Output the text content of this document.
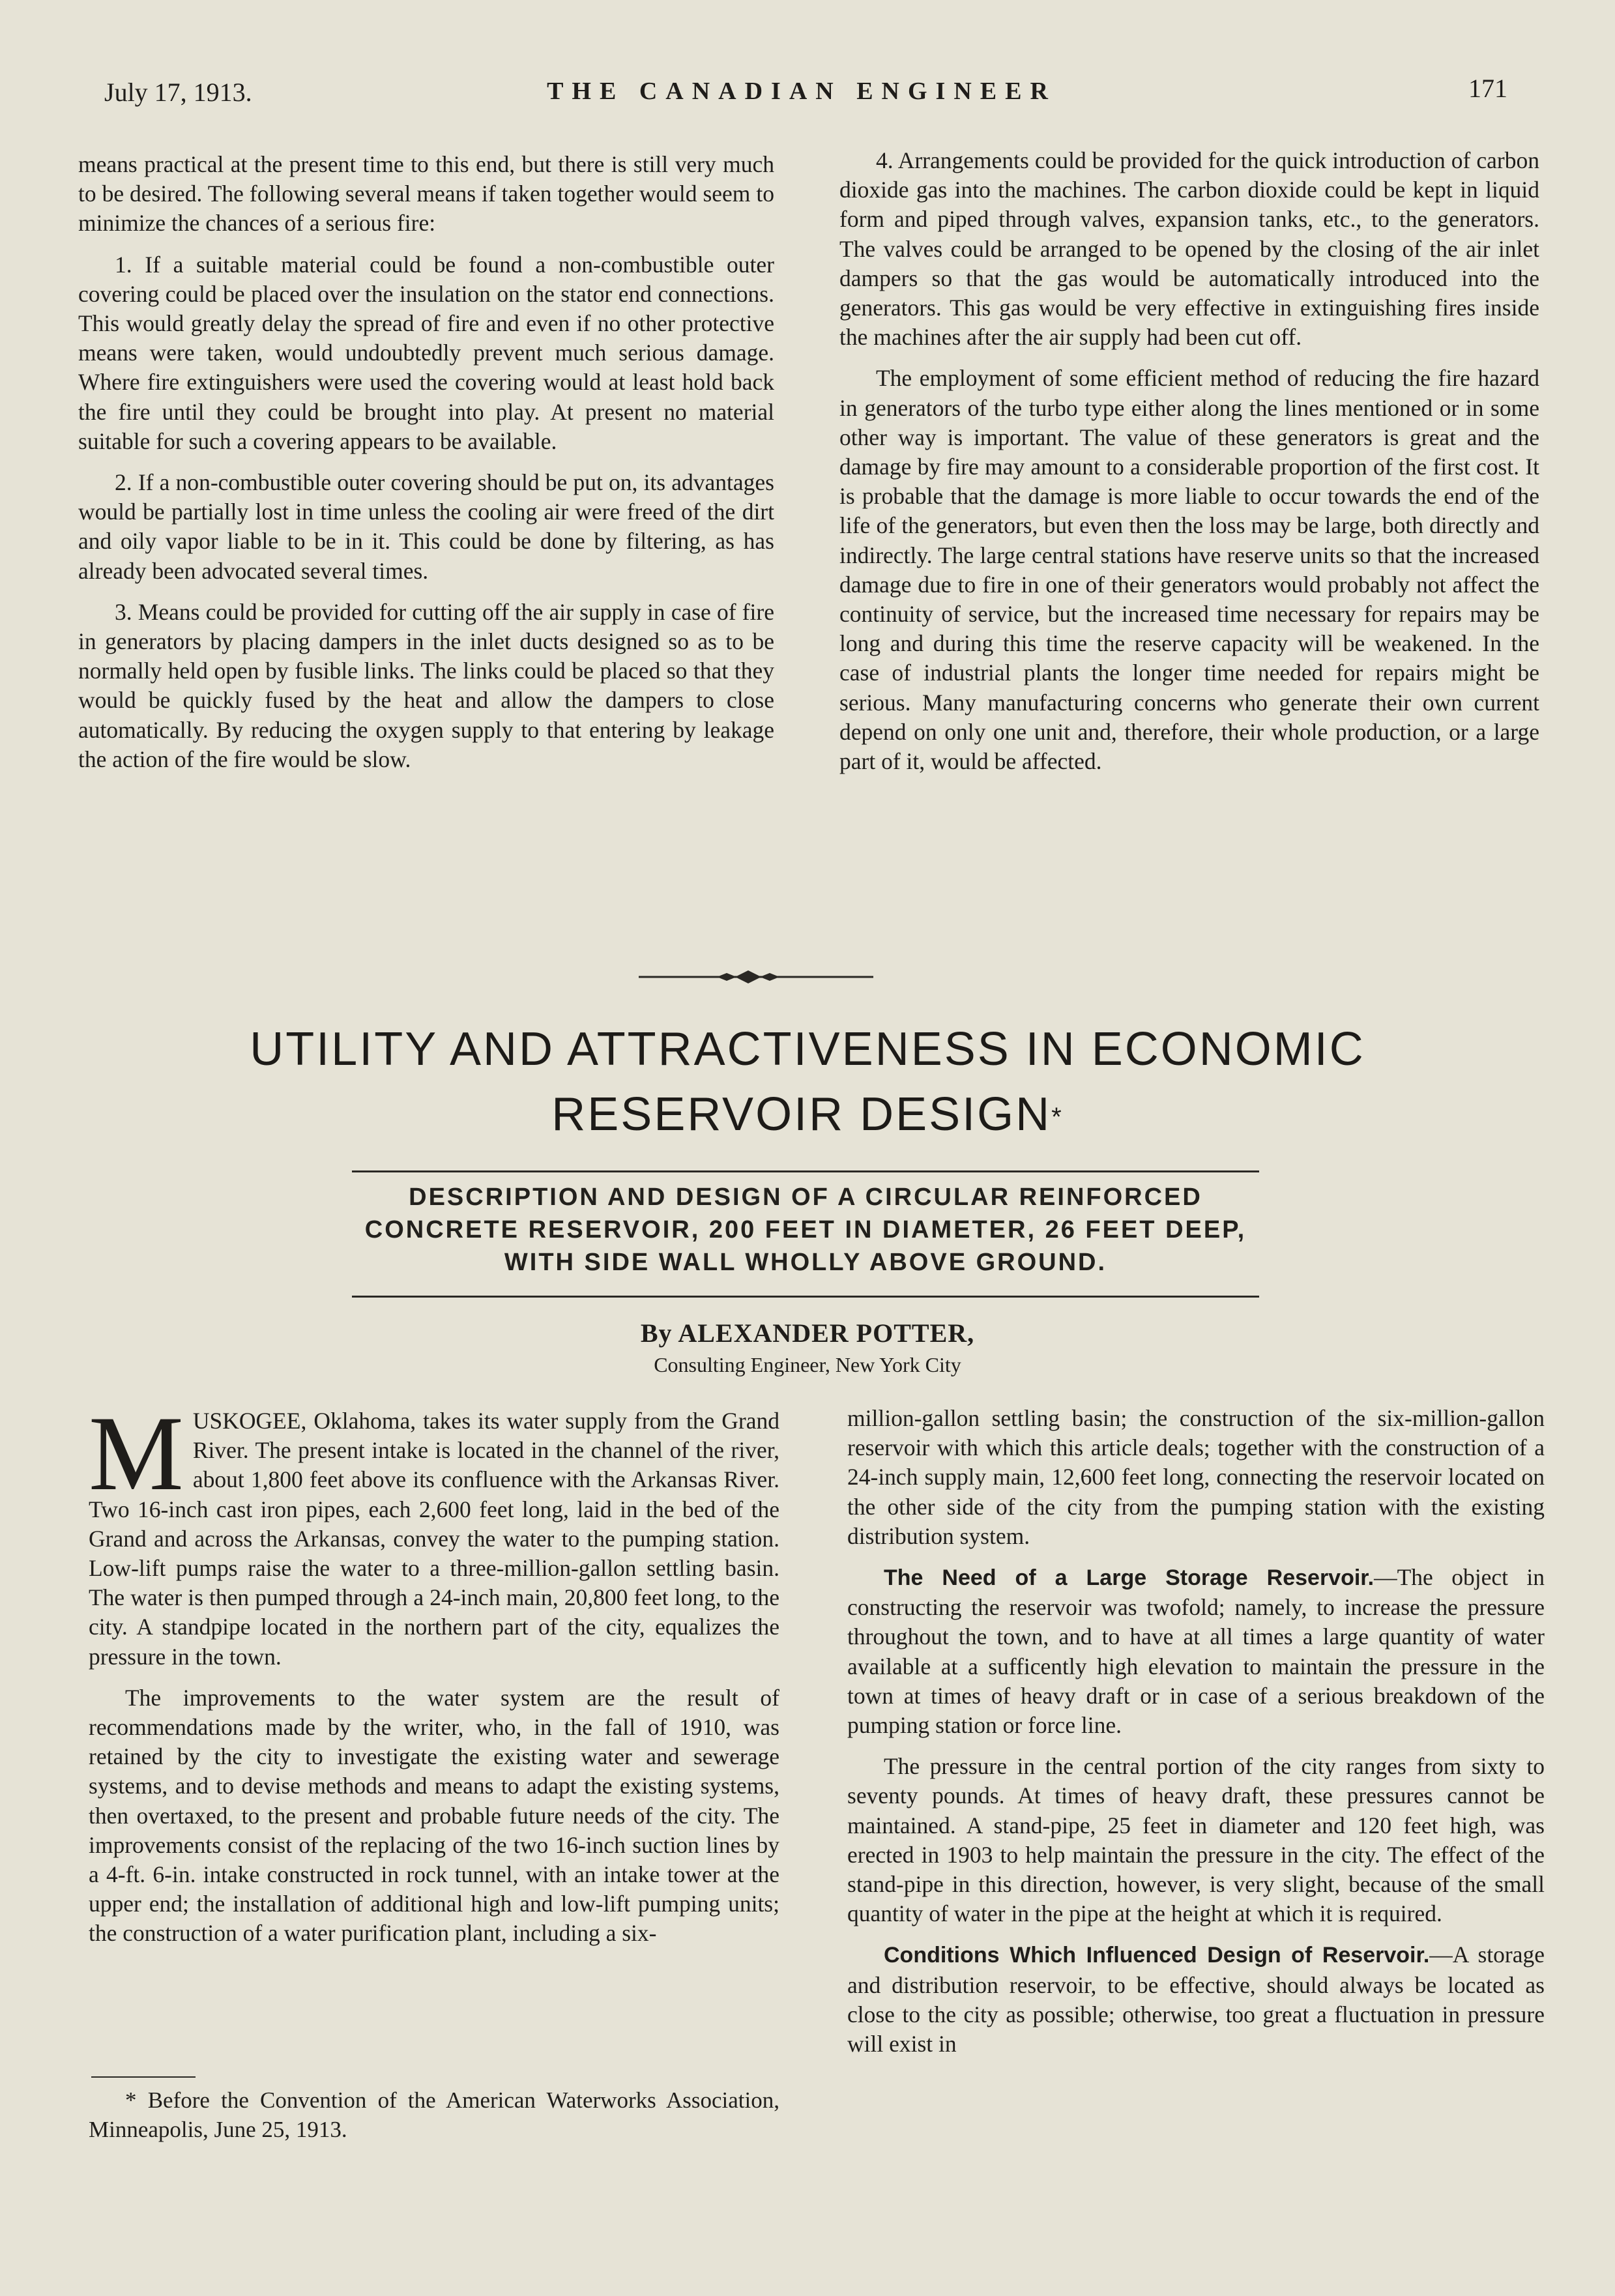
July 17, 1913.	THE CANADIAN ENGINEER	171

means practical at the present time to this end, but there is still very much to be desired. The following several means if taken together would seem to minimize the chances of a serious fire:

1. If a suitable material could be found a non-combustible outer covering could be placed over the insulation on the stator end connections. This would greatly delay the spread of fire and even if no other protective means were taken, would undoubtedly prevent much serious damage. Where fire extinguishers were used the covering would at least hold back the fire until they could be brought into play. At present no material suitable for such a covering appears to be available.

2. If a non-combustible outer covering should be put on, its advantages would be partially lost in time unless the cooling air were freed of the dirt and oily vapor liable to be in it. This could be done by filtering, as has already been advocated several times.

3. Means could be provided for cutting off the air supply in case of fire in generators by placing dampers in the inlet ducts designed so as to be normally held open by fusible links. The links could be placed so that they would be quickly fused by the heat and allow the dampers to close automatically. By reducing the oxygen supply to that entering by leakage the action of the fire would be slow.

4. Arrangements could be provided for the quick introduction of carbon dioxide gas into the machines. The carbon dioxide could be kept in liquid form and piped through valves, expansion tanks, etc., to the generators. The valves could be arranged to be opened by the closing of the air inlet dampers so that the gas would be automatically introduced into the generators. This gas would be very effective in extinguishing fires inside the machines after the air supply had been cut off.

The employment of some efficient method of reducing the fire hazard in generators of the turbo type either along the lines mentioned or in some other way is important. The value of these generators is great and the damage by fire may amount to a considerable proportion of the first cost. It is probable that the damage is more liable to occur towards the end of the life of the generators, but even then the loss may be large, both directly and indirectly. The large central stations have reserve units so that the increased damage due to fire in one of their generators would probably not affect the continuity of service, but the increased time necessary for repairs may be long and during this time the reserve capacity will be weakened. In the case of industrial plants the longer time needed for repairs might be serious. Many manufacturing concerns who generate their own current depend on only one unit and, therefore, their whole production, or a large part of it, would be affected.

UTILITY AND ATTRACTIVENESS IN ECONOMIC
RESERVOIR DESIGN*
DESCRIPTION AND DESIGN OF A CIRCULAR REINFORCED CONCRETE RESERVOIR, 200 FEET IN DIAMETER, 26 FEET DEEP, WITH SIDE WALL WHOLLY ABOVE GROUND.
By ALEXANDER POTTER,
Consulting Engineer, New York City

MUSKOGEE, Oklahoma, takes its water supply from the Grand River. The present intake is located in the channel of the river, about 1,800 feet above its confluence with the Arkansas River. Two 16-inch cast iron pipes, each 2,600 feet long, laid in the bed of the Grand and across the Arkansas, convey the water to the pumping station. Low-lift pumps raise the water to a three-million-gallon settling basin. The water is then pumped through a 24-inch main, 20,800 feet long, to the city. A standpipe located in the northern part of the city, equalizes the pressure in the town.

The improvements to the water system are the result of recommendations made by the writer, who, in the fall of 1910, was retained by the city to investigate the existing water and sewerage systems, and to devise methods and means to adapt the existing systems, then overtaxed, to the present and probable future needs of the city. The improvements consist of the replacing of the two 16-inch suction lines by a 4-ft. 6-in. intake constructed in rock tunnel, with an intake tower at the upper end; the installation of additional high and low-lift pumping units; the construction of a water purification plant, including a six-

million-gallon settling basin; the construction of the six-million-gallon reservoir with which this article deals; together with the construction of a 24-inch supply main, 12,600 feet long, connecting the reservoir located on the other side of the city from the pumping station with the existing distribution system.

The Need of a Large Storage Reservoir.—The object in constructing the reservoir was twofold; namely, to increase the pressure throughout the town, and to have at all times a large quantity of water available at a sufficently high elevation to maintain the pressure in the town at times of heavy draft or in case of a serious breakdown of the pumping station or force line.

The pressure in the central portion of the city ranges from sixty to seventy pounds. At times of heavy draft, these pressures cannot be maintained. A stand-pipe, 25 feet in diameter and 120 feet high, was erected in 1903 to help maintain the pressure in the city. The effect of the stand-pipe in this direction, however, is very slight, because of the small quantity of water in the pipe at the height at which it is required.

Conditions Which Influenced Design of Reservoir.—A storage and distribution reservoir, to be effective, should always be located as close to the city as possible; otherwise, too great a fluctuation in pressure will exist in

* Before the Convention of the American Waterworks Association, Minneapolis, June 25, 1913.
